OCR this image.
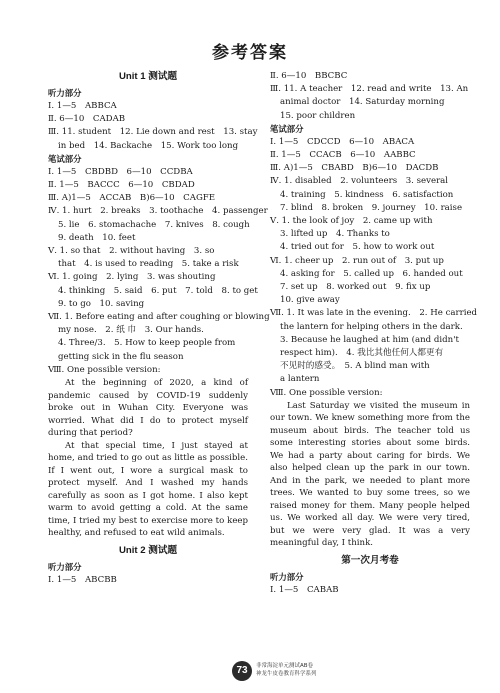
参考答案
Unit 1 测试题
听力部分
Ⅰ. 1—5　ABBCA
Ⅱ. 6—10　CADAB
Ⅲ. 11. student　12. Lie down and rest　13. stay
in bed　14. Backache　15. Work too long
笔试部分
Ⅰ. 1—5　CBDBD　6—10　CCDBA
Ⅱ. 1—5　BACCC　6—10　CBDAD
Ⅲ. A)1—5　ACCAB　B)6—10　CAGFE
Ⅳ. 1. hurt　2. breaks　3. toothache　4. passenger
5. lie　6. stomachache　7. knives　8. cough
9. death　10. feet
Ⅴ. 1. so that　2. without having　3. so
that　4. is used to reading　5. take a risk
Ⅵ. 1. going　2. lying　3. was shouting
4. thinking　5. said　6. put　7. told　8. to get
9. to go　10. saving
Ⅶ. 1. Before eating and after coughing or blowing
my nose.　2. 纸 巾　3. Our hands.
4. Three/3.　5. How to keep people from
getting sick in the flu season
Ⅷ. One possible version:
At the beginning of 2020, a kind of pandemic caused by COVID-19 suddenly broke out in Wuhan City. Everyone was worried. What did I do to protect myself during that period?
At that special time, I just stayed at home, and tried to go out as little as possible. If I went out, I wore a surgical mask to protect myself. And I washed my hands carefully as soon as I got home. I also kept warm to avoid getting a cold. At the same time, I tried my best to exercise more to keep healthy, and refused to eat wild animals.
Unit 2 测试题
听力部分
Ⅰ. 1—5　ABCBB
Ⅱ. 6—10　BBCBC
Ⅲ. 11. A teacher　12. read and write　13. An
animal doctor　14. Saturday morning
15. poor children
笔试部分
Ⅰ. 1—5　CDCCD　6—10　ABACA
Ⅱ. 1—5　CCACB　6—10　AABBC
Ⅲ. A)1—5　CBABD　B)6—10　DACDB
Ⅳ. 1. disabled　2. volunteers　3. several
4. training　5. kindness　6. satisfaction
7. blind　8. broken　9. journey　10. raise
Ⅴ. 1. the look of joy　2. came up with
3. lifted up　4. Thanks to
4. tried out for　5. how to work out
Ⅵ. 1. cheer up　2. run out of　3. put up
4. asking for　5. called up　6. handed out
7. set up　8. worked out　9. fix up
10. give away
Ⅶ. 1. It was late in the evening.　2. He carried
the lantern for helping others in the dark.
3. Because he laughed at him (and didn't
respect him).　4. 我比其他任何人都更有
不见时的感受。　5. A blind man with
a lantern
Ⅷ. One possible version:
Last Saturday we visited the museum in our town. We knew something more from the museum about birds. The teacher told us some interesting stories about some birds. We had a party about caring for birds. We also helped clean up the park in our town. And in the park, we needed to plant more trees. We wanted to buy some trees, so we raised money for them. Many people helped us. We worked all day. We were very tired, but we were very glad. It was a very meaningful day, I think.
第一次月考卷
听力部分
Ⅰ. 1—5　CABAB
73	非常海淀单元测试AB卷
神龙牛皮卷教育科学系列
